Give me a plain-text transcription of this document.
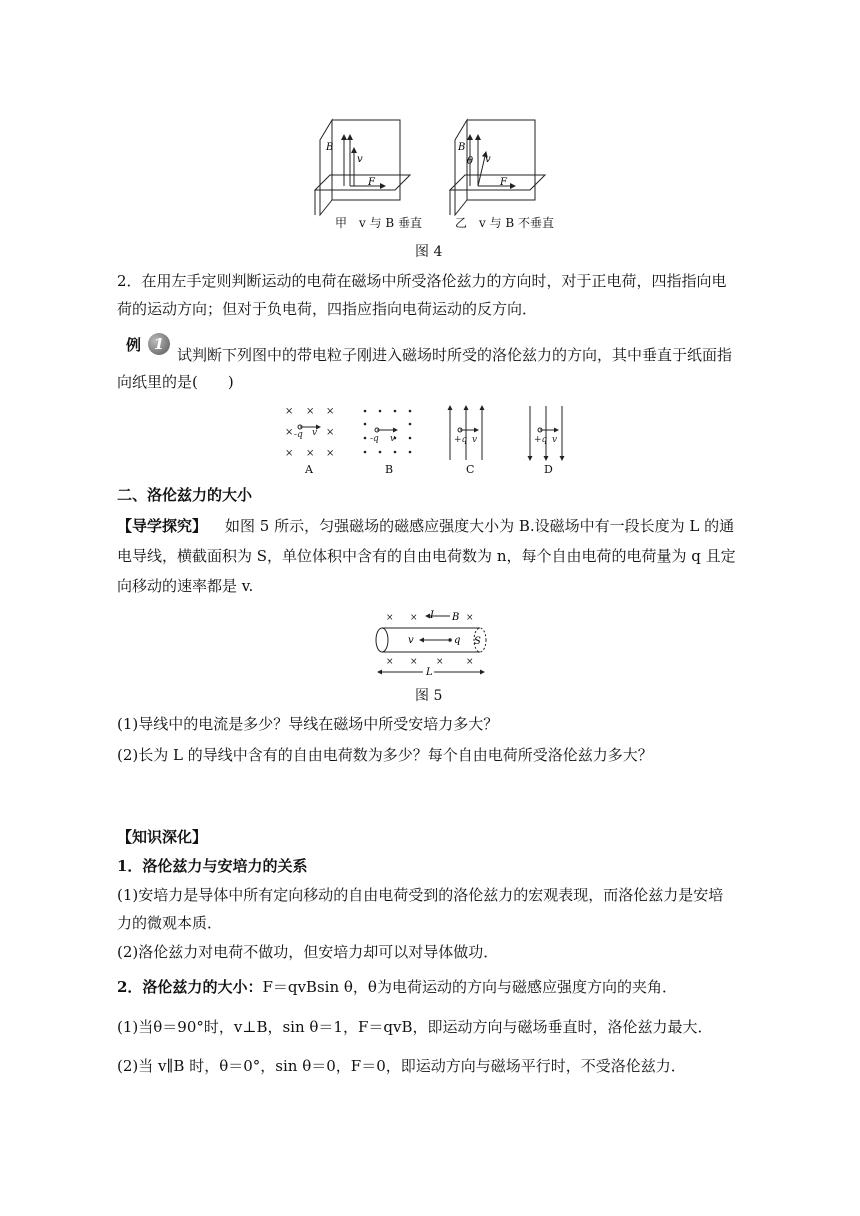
B
v
F
B
θ v
F
甲　v 与 B 垂直	乙　v 与 B 不垂直
图 4
2．在用左手定则判断运动的电荷在磁场中所受洛伦兹力的方向时，对于正电荷，四指指向电
荷的运动方向；但对于负电荷，四指应指向电荷运动的反方向．
例 1
试判断下列图中的带电粒子刚进入磁场时所受的洛伦兹力的方向，其中垂直于纸面指
向纸里的是(　　)
× × ×
×	×
× × ×
-q v
-q v	+q v	+q v
A	B	C	D
二、洛伦兹力的大小
【导学探究】 如图 5 所示，匀强磁场的磁感应强度大小为 B.设磁场中有一段长度为 L 的通
电导线，横截面积为 S，单位体积中含有的自由电荷数为 n，每个自由电荷的电荷量为 q 且定
向移动的速率都是 v.
× ×	×
× × × ×
I B
S
v	q
L
图 5
(1)导线中的电流是多少？导线在磁场中所受安培力多大？
(2)长为 L 的导线中含有的自由电荷数为多少？每个自由电荷所受洛伦兹力多大？
【知识深化】
1．洛伦兹力与安培力的关系
(1)安培力是导体中所有定向移动的自由电荷受到的洛伦兹力的宏观表现，而洛伦兹力是安培
力的微观本质．
(2)洛伦兹力对电荷不做功，但安培力却可以对导体做功．
2．洛伦兹力的大小：F＝qvBsin θ，θ为电荷运动的方向与磁感应强度方向的夹角．
(1)当θ＝90°时，v⊥B，sin θ＝1，F＝qvB，即运动方向与磁场垂直时，洛伦兹力最大．
(2)当 v∥B 时，θ＝0°，sin θ＝0，F＝0，即运动方向与磁场平行时，不受洛伦兹力．
